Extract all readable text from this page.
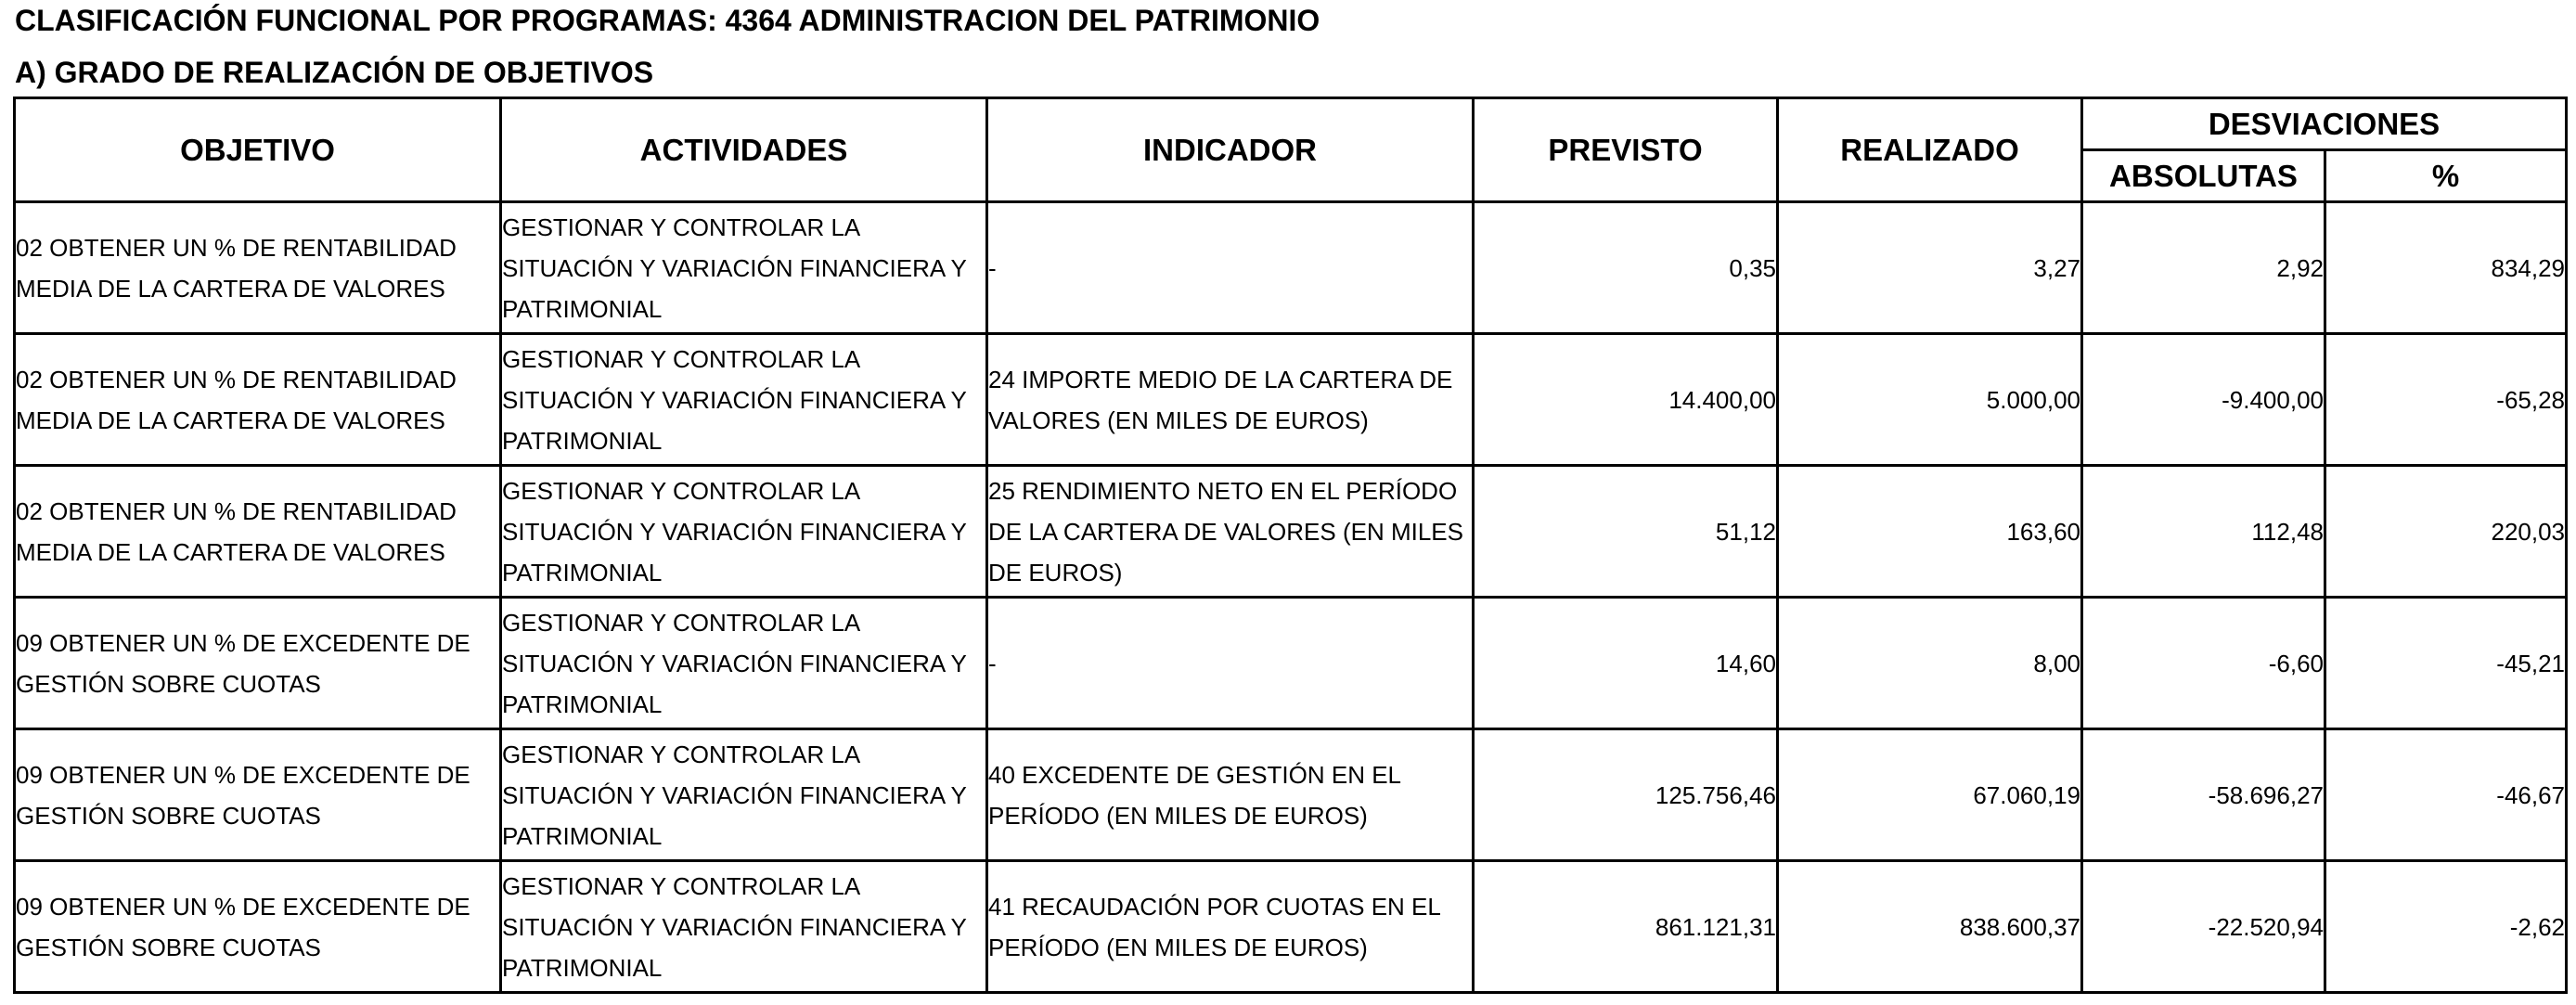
CLASIFICACIÓN FUNCIONAL POR PROGRAMAS: 4364 ADMINISTRACION DEL PATRIMONIO
A) GRADO DE REALIZACIÓN DE OBJETIVOS
OBJETIVO	ACTIVIDADES	INDICADOR	PREVISTO	REALIZADO	DESVIACIONES	
					ABSOLUTAS	%
02 OBTENER UN % DE RENTABILIDAD MEDIA DE LA CARTERA DE VALORES	GESTIONAR Y CONTROLAR LA SITUACIÓN Y VARIACIÓN FINANCIERA Y PATRIMONIAL	-	0,35	3,27	2,92	834,29
02 OBTENER UN % DE RENTABILIDAD MEDIA DE LA CARTERA DE VALORES	GESTIONAR Y CONTROLAR LA SITUACIÓN Y VARIACIÓN FINANCIERA Y PATRIMONIAL	24 IMPORTE MEDIO DE LA CARTERA DE VALORES (EN MILES DE EUROS)	14.400,00	5.000,00	-9.400,00	-65,28
02 OBTENER UN % DE RENTABILIDAD MEDIA DE LA CARTERA DE VALORES	GESTIONAR Y CONTROLAR LA SITUACIÓN Y VARIACIÓN FINANCIERA Y PATRIMONIAL	25 RENDIMIENTO NETO EN EL PERÍODO DE LA CARTERA DE VALORES (EN MILES DE EUROS)	51,12	163,60	112,48	220,03
09 OBTENER UN % DE EXCEDENTE DE GESTIÓN SOBRE CUOTAS	GESTIONAR Y CONTROLAR LA SITUACIÓN Y VARIACIÓN FINANCIERA Y PATRIMONIAL	-	14,60	8,00	-6,60	-45,21
09 OBTENER UN % DE EXCEDENTE DE GESTIÓN SOBRE CUOTAS	GESTIONAR Y CONTROLAR LA SITUACIÓN Y VARIACIÓN FINANCIERA Y PATRIMONIAL	40 EXCEDENTE DE GESTIÓN EN EL PERÍODO (EN MILES DE EUROS)	125.756,46	67.060,19	-58.696,27	-46,67
09 OBTENER UN % DE EXCEDENTE DE GESTIÓN SOBRE CUOTAS	GESTIONAR Y CONTROLAR LA SITUACIÓN Y VARIACIÓN FINANCIERA Y PATRIMONIAL	41 RECAUDACIÓN POR CUOTAS EN EL PERÍODO (EN MILES DE EUROS)	861.121,31	838.600,37	-22.520,94	-2,62
